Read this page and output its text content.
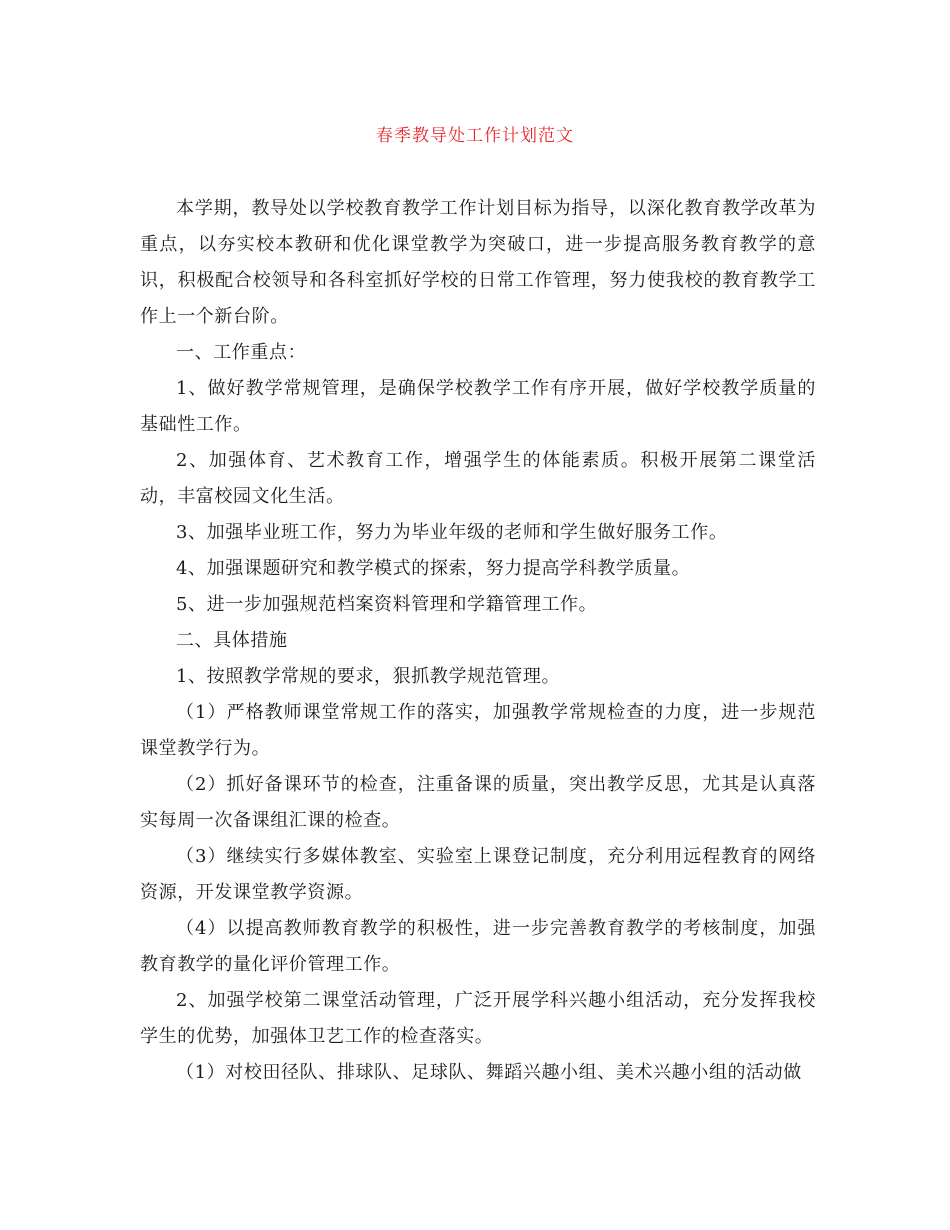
春季教导处工作计划范文

本学期，教导处以学校教育教学工作计划目标为指导，以深化教育教学改革为重点，以夯实校本教研和优化课堂教学为突破口，进一步提高服务教育教学的意识，积极配合校领导和各科室抓好学校的日常工作管理，努力使我校的教育教学工作上一个新台阶。

一、工作重点：

1、做好教学常规管理，是确保学校教学工作有序开展，做好学校教学质量的基础性工作。

2、加强体育、艺术教育工作，增强学生的体能素质。积极开展第二课堂活动，丰富校园文化生活。

3、加强毕业班工作，努力为毕业年级的老师和学生做好服务工作。

4、加强课题研究和教学模式的探索，努力提高学科教学质量。

5、进一步加强规范档案资料管理和学籍管理工作。

二、具体措施

1、按照教学常规的要求，狠抓教学规范管理。

（1）严格教师课堂常规工作的落实，加强教学常规检查的力度，进一步规范课堂教学行为。

（2）抓好备课环节的检查，注重备课的质量，突出教学反思，尤其是认真落实每周一次备课组汇课的检查。

（3）继续实行多媒体教室、实验室上课登记制度，充分利用远程教育的网络资源，开发课堂教学资源。

（4）以提高教师教育教学的积极性，进一步完善教育教学的考核制度，加强教育教学的量化评价管理工作。

2、加强学校第二课堂活动管理，广泛开展学科兴趣小组活动，充分发挥我校学生的优势，加强体卫艺工作的检查落实。

（1）对校田径队、排球队、足球队、舞蹈兴趣小组、美术兴趣小组的活动做
